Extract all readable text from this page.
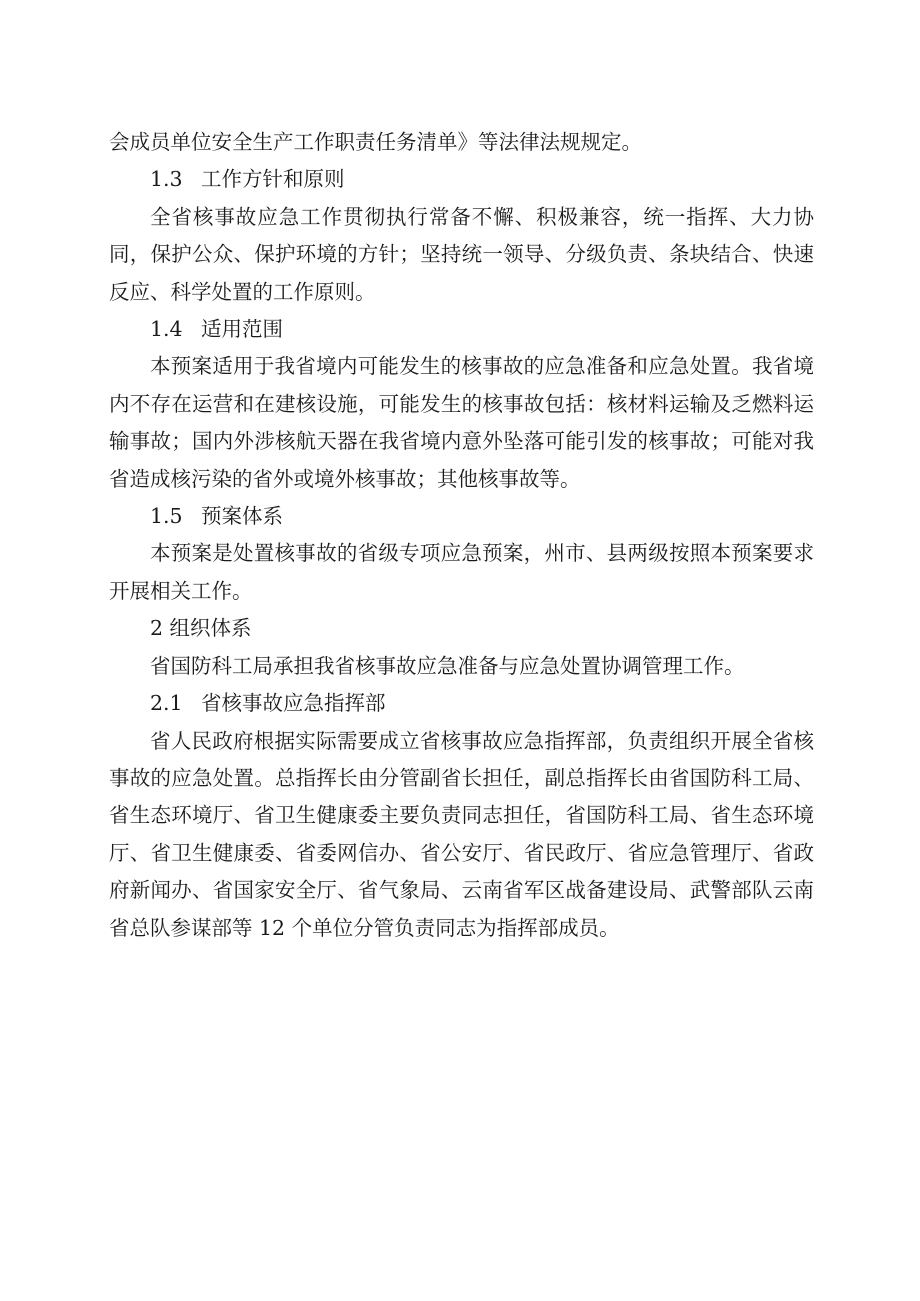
会成员单位安全生产工作职责任务清单》等法律法规规定。

1.3 工作方针和原则

全省核事故应急工作贯彻执行常备不懈、积极兼容，统一指挥、大力协同，保护公众、保护环境的方针；坚持统一领导、分级负责、条块结合、快速反应、科学处置的工作原则。

1.4 适用范围

本预案适用于我省境内可能发生的核事故的应急准备和应急处置。我省境内不存在运营和在建核设施，可能发生的核事故包括：核材料运输及乏燃料运输事故；国内外涉核航天器在我省境内意外坠落可能引发的核事故；可能对我省造成核污染的省外或境外核事故；其他核事故等。

1.5 预案体系

本预案是处置核事故的省级专项应急预案，州市、县两级按照本预案要求开展相关工作。

2 组织体系

省国防科工局承担我省核事故应急准备与应急处置协调管理工作。

2.1 省核事故应急指挥部

省人民政府根据实际需要成立省核事故应急指挥部，负责组织开展全省核事故的应急处置。总指挥长由分管副省长担任，副总指挥长由省国防科工局、省生态环境厅、省卫生健康委主要负责同志担任，省国防科工局、省生态环境厅、省卫生健康委、省委网信办、省公安厅、省民政厅、省应急管理厅、省政府新闻办、省国家安全厅、省气象局、云南省军区战备建设局、武警部队云南省总队参谋部等 12 个单位分管负责同志为指挥部成员。
